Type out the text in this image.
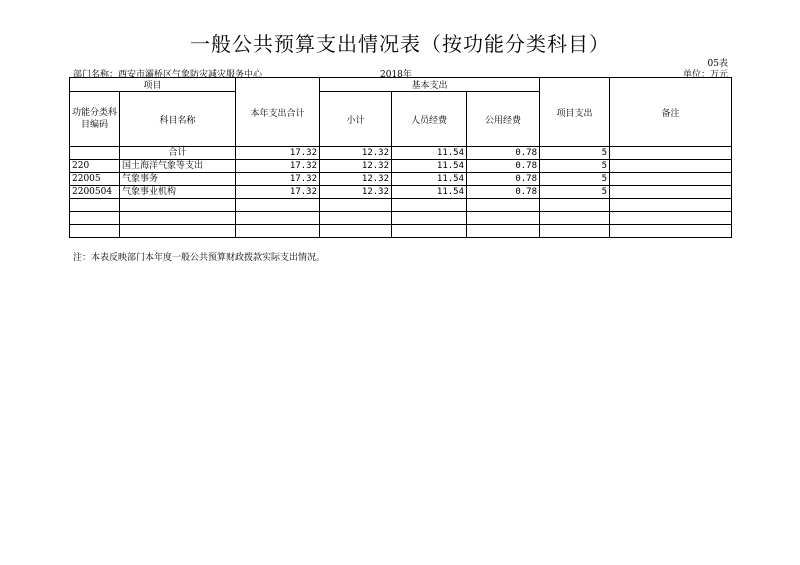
一般公共预算支出情况表（按功能分类科目）
05表
部门名称：西安市灞桥区气象防灾减灾服务中心	2018年	单位：万元
项目		本年支出合计	基本支出			项目支出	备注
功能分类科目编码	科目名称		小计	人员经费	公用经费		
	合计	17.32	12.32	11.54	0.78	5	
220	国土海洋气象等支出	17.32	12.32	11.54	0.78	5	
22005	气象事务	17.32	12.32	11.54	0.78	5	
2200504	气象事业机构	17.32	12.32	11.54	0.78	5	

注：本表反映部门本年度一般公共预算财政拨款实际支出情况。
